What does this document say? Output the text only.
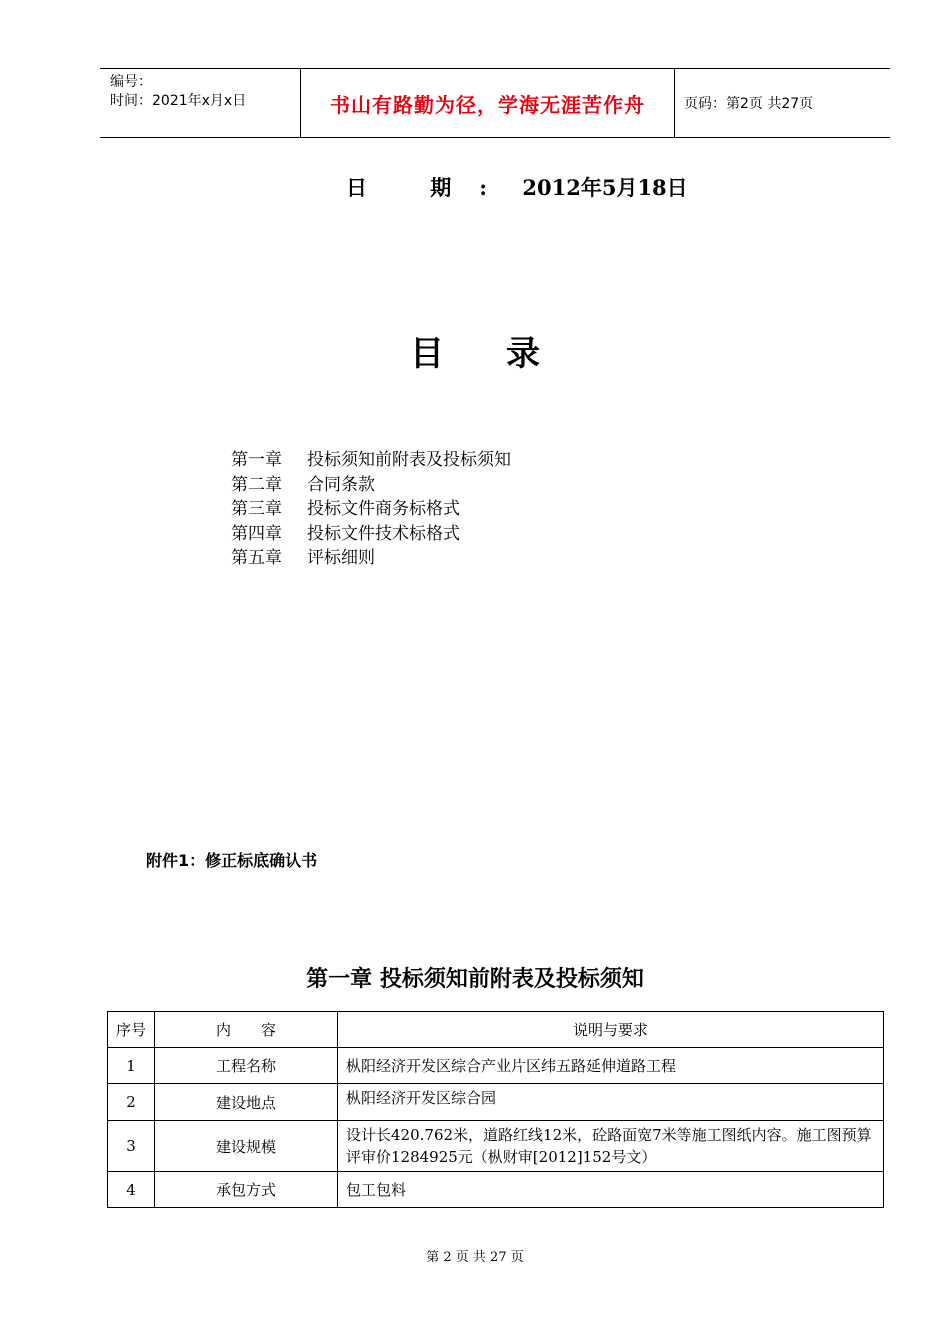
编号：
时间：2021年x月x日	书山有路勤为径，学海无涯苦作舟	页码：第2页 共27页
日 期: 2012年5月18日
目录
第一章 投标须知前附表及投标须知
第二章 合同条款
第三章 投标文件商务标格式
第四章 投标文件技术标格式
第五章 评标细则
附件1：修正标底确认书
第一章 投标须知前附表及投标须知
序号	内　　容	说明与要求
1	工程名称	枞阳经济开发区综合产业片区纬五路延伸道路工程
2	建设地点	枞阳经济开发区综合园
3	建设规模	设计长420.762米，道路红线12米，砼路面宽7米等施工图纸内容。施工图预算评审价1284925元（枞财审[2012]152号文）
4	承包方式	包工包料
第 2 页 共 27 页
